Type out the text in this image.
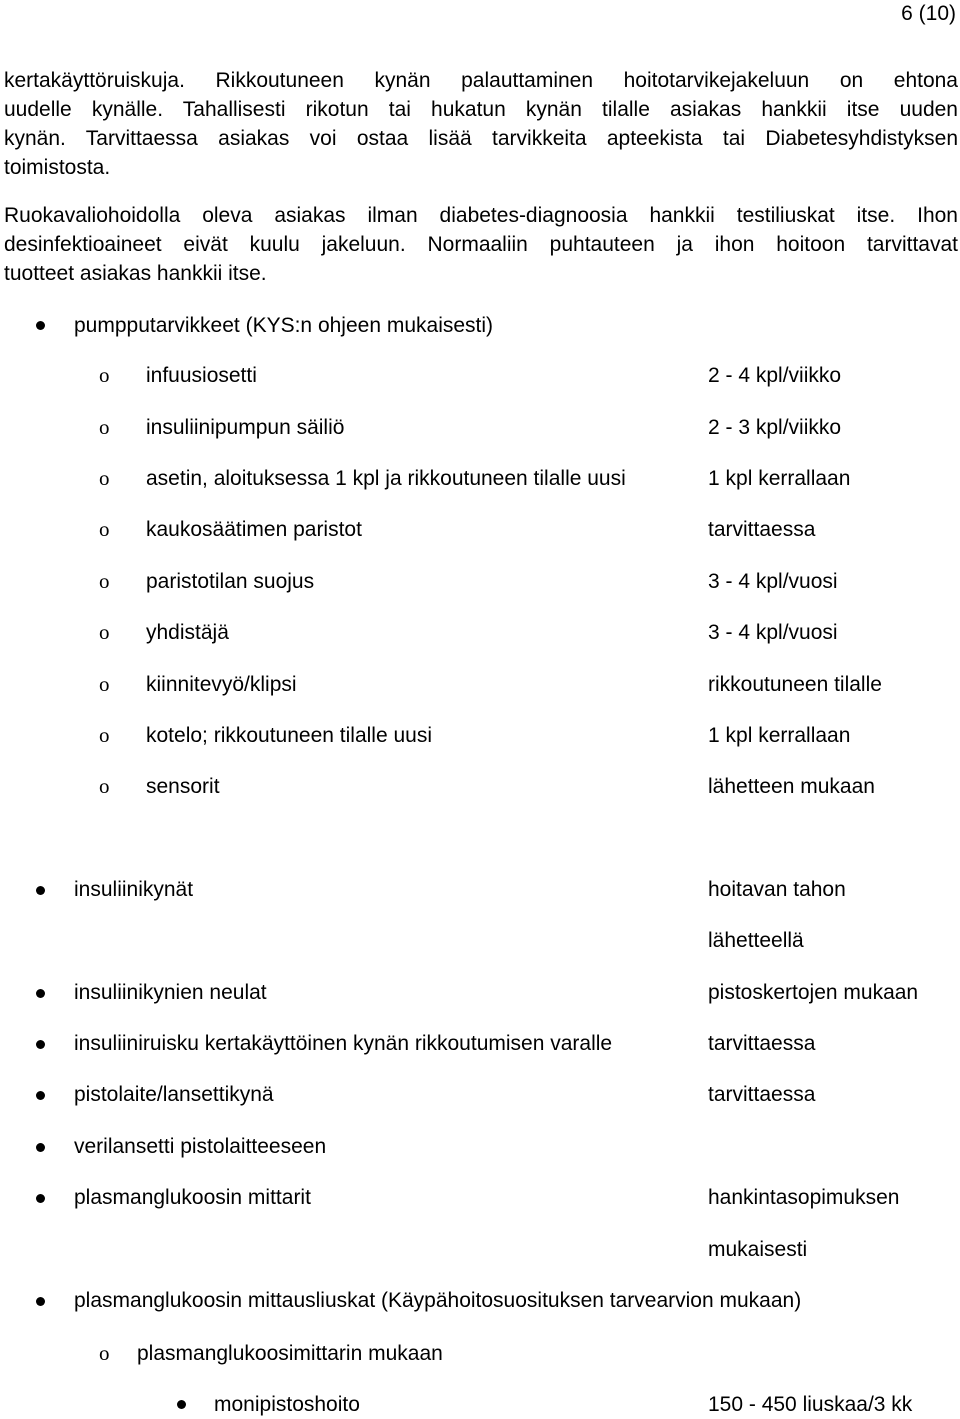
6 (10)
kertakäyttöruiskuja. Rikkoutuneen kynän palauttaminen hoitotarvikejakeluun on ehtona
uudelle kynälle. Tahallisesti rikotun tai hukatun kynän tilalle asiakas hankkii itse uuden
kynän. Tarvittaessa asiakas voi ostaa lisää tarvikkeita apteekista tai Diabetesyhdistyksen
toimistosta.
Ruokavaliohoidolla oleva asiakas ilman diabetes-diagnoosia hankkii testiliuskat itse. Ihon
desinfektioaineet eivät kuulu jakeluun. Normaaliin puhtauteen ja ihon hoitoon tarvittavat
tuotteet asiakas hankkii itse.
pumpputarvikkeet (KYS:n ohjeen mukaisesti)
o infuusiosetti	2 - 4 kpl/viikko
o insuliinipumpun säiliö	2 - 3 kpl/viikko
o asetin, aloituksessa 1 kpl ja rikkoutuneen tilalle uusi	1 kpl kerrallaan
o kaukosäätimen paristot	tarvittaessa
o paristotilan suojus	3 - 4 kpl/vuosi
o yhdistäjä	3 - 4 kpl/vuosi
o kiinnitevyö/klipsi	rikkoutuneen tilalle
o kotelo; rikkoutuneen tilalle uusi	1 kpl kerrallaan
o sensorit	lähetteen mukaan
insuliinikynät	hoitavan tahon
lähetteellä
insuliinikynien neulat	pistoskertojen mukaan
insuliiniruisku kertakäyttöinen kynän rikkoutumisen varalle	tarvittaessa
pistolaite/lansettikynä	tarvittaessa
verilansetti pistolaitteeseen
plasmanglukoosin mittarit	hankintasopimuksen
mukaisesti
plasmanglukoosin mittausliuskat (Käypähoitosuosituksen tarvearvion mukaan)
o plasmanglukoosimittarin mukaan
monipistoshoito	150 - 450 liuskaa/3 kk
